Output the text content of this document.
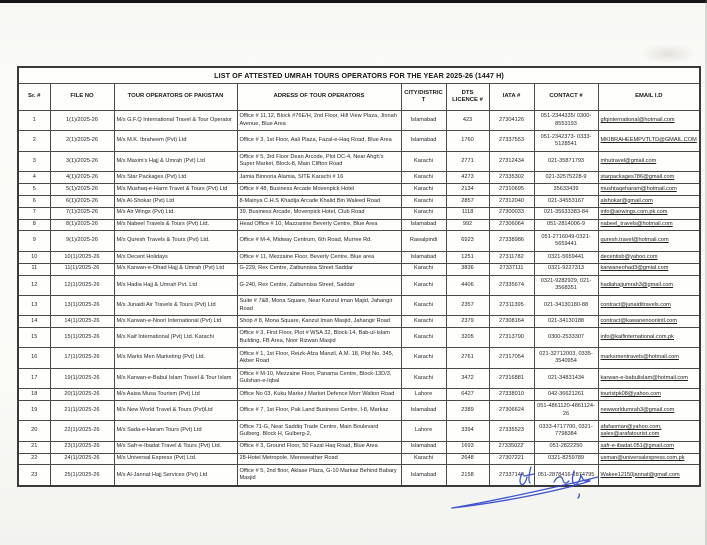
LIST OF ATTESTED UMRAH TOURS OPERATORS FOR THE YEAR 2025-26 (1447 H)								
Sr. #	FILE NO	TOUR OPERATORS OF PAKISTAN	ADRESS OF TOUR OPERATORS	CITY/DISTRICT	DTS LICENCE #	IATA #	CONTACT #	EMAIL I.D
1	1(1)/2025-26	M/s G.F.Q International Travel & Tour Operator	Office # 11,12, Block #76E/H, 2nd Floor, Hill View Plaza, Jinnah Avenue, Blue Area	Islamabad	423	27304126	051-2344335/ 0300-8553193	gfqinternational@hotmail.com
2	2(1)/2025-26	M/s M.K. Ibraheem (Pvt) Ltd	Office # 3, 1st Floor, Aali Plaza, Fazal-e-Haq Road, Blue Area	Islamabad	1760	27337553	051-2342373- 0333-5128541	MKIBRAHEEMPVTLTD@GMAIL.COM
3	3(1)/2025-26	M/s Maxim's Hajj & Umrah (Pvt) Ltd	Office # 5, 3rd Floor Dean Arcode, Plot DC-4, Near Ahgh's Super Market, Block-8, Main Clifton Road	Karachi	2771	27312434	021-35871793	mhutravel@gmail.com
4	4(1)/2025-26	M/s Star Packages (Pvt) Ltd	Jamia Binnoria Alamia, SITE Karachi # 16	Karachi	4273	27335302	021-32575228-9	starpackages786@gmail.com
5	5(1)/2025-26	M/s Mushaq-e-Harm Travel & Tours (Pvt) Ltd	Office # 48, Business Arcade Movenpick Hotel	Karachi	2134	27310695	35633439	mushtaqeharam@hotmail.com
6	6(1)/2025-26	M/s Al-Shokar (Pvt) Ltd	8-Mainya C.H.S Khadija Arcade Khalid Bin Waleed Road	Karachi	2857	27312040	021-34553167	alshokar@gmail.com
7	7(1)/2025-26	M/s Air Wings (Pvt) Ltd.	39, Business Arcade, Movenpick Hotel, Club Road	Karachi	1118	27300033	021-35633383-84	info@airwings.com.pk.com
8	8(1)/2025-26	M/s Nabeel Travels & Tours (Pvt) Ltd.	Head Office # 10, Mazzanine Beverly Centre, Blue Area	Islamabad	992	27306064	051-2814006-9	nabeel_travels@hotmail.com
9	9(1)/2025-26	M/s Quresh Travels & Tours (Pvt) Ltd.	Office # M-4, Midway Centrum, 6th Road, Murree Rd.	Rawalpindi	6923	27338986	051-2716049-0321-5659441	quresh.travel@hotmail.com
10	10(1)/2025-26	M/s Decent Holidays	Office # 11, Mezzaine Floor, Beverly Centre, Blue area	Islamabad	1251	27311782	0321-5659441	decentisb@yahoo.com
11	11(1)/2025-26	M/s Karwan-e-Ohad Hajj & Umrah (Pvt) Ltd	G-229, Rex Centre, Zaibunnisa Street Saddar	Karachi	3836	27337111	0321-9227313	karwaneohad3@gmial.com
12	12(1)/2025-26	M/s Hadia Hajj & Umrah Pvt. Ltd	G-240, Rex Centre, Zaibunnisa Street, Saddar	Karachi	4406	27335674	0321-9282929, 021-3568351	hadiahajjumrah3@gmail.com
13	13(1)/2025-26	M/s Junaidi Air Travels & Tours (Pvt) Ltd	Suite # 7&8, Mona Square, Near Kanzul Iman Majid, Jahangir Road	Karachi	2357	27311395	021-34130180-88	contract@junaiditravels.com
14	14(1)/2025-26	M/s Karwan-e-Noori International (Pvt) Ltd	Shop # 8, Mona Square, Kanzul Iman Masjid, Jahangir Road	Karachi	2379	27308164	021-34130188	contract@kawanenooriintl.com
15	15(1)/2025-26	M/s Kaif International (Pvt) Ltd. Karachi	Office # 3, First Floor, Plot # WSA 32, Block-14, Bab-ul-Islam Building, FB Area, Noor Rizwan Masjid	Karachi	3205	27313790	0300-2533307	info@kaifinternational.com.pk
16	17(1)/2025-26	M/s Marks Men Marketing (Pvt) Ltd.	Office # 1, 1st Floor, Reizk-Afza Manzil, A.M. 18, Plot No. 345, Akber Road	Karachi	2761	27317054	021-32712003, 0335-3540954	marksmentravels@hotmail.com
17	19(1)/2025-26	M/s Karwan-e-Babul Islam Travel & Tour Islam	Office # M-10, Mezzaine Floor, Panama Centre, Block-13D/3, Gulshan-e-Iqbal	Karachi	3472	27316881	021-34831434	karwan-e-babulislam@hotmail.com
18	20(1)/2025-26	M/s Aaisa Musa Tourism (Pvt) Ltd	Office No 03, Kuku Marke,t Market Defence Morr Walton Road	Lahore	6427	27338010	042-36621261	touristpk08@yahoo.com
19	21(1)/2025-26	M/s New World Travel & Tours (Pvt)Ltd	Office # 7, 1st Floor, Pak Land Business Centre, I-8, Markaz	Islamabad	2389	27306624	051-4861120-4861124-26	newworldumrah3@gmail.com
20	22(1)/2025-26	M/s Sada-e-Haram Tours (Pvt) Ltd	Office 71-G, Near Saddiq Trade Centre, Main Boulevard Gulberg, Block H, Gulberg-2,	Lahore	3394	27335523	0333-4717700, 0321-7798384	afafaoman@yahoo.com, sales@arafatourist.com
21	23(1)/2025-26	M/s Safr-e-Ibadat Travel & Tours (Pvt) Ltd.	Office # 3, Ground Floor, 50 Fazal Haq Road, Blue Area	Islamabad	1693	27335022'	051-2822250	safr-e-ibadat.051@gmail.com
22	24(1)/2025-26	M/s Universal Express (Pvt) Ltd.	28-Hotel Metropole, Mereweather Road	Karachi	2648	27307221	0321-8259789	usman@universalexpress.com.pk
23	25(1)/2025-26	M/s Al-Jannat Hajj Services (Pvt) Ltd	Office # 5, 2nd floor, Aklase Plaza, G-10 Markaz Behind Babary Masjid	Islamabad	2158	27337144	051-2878416-2874795	Wakee12150jannat@gmail.com
